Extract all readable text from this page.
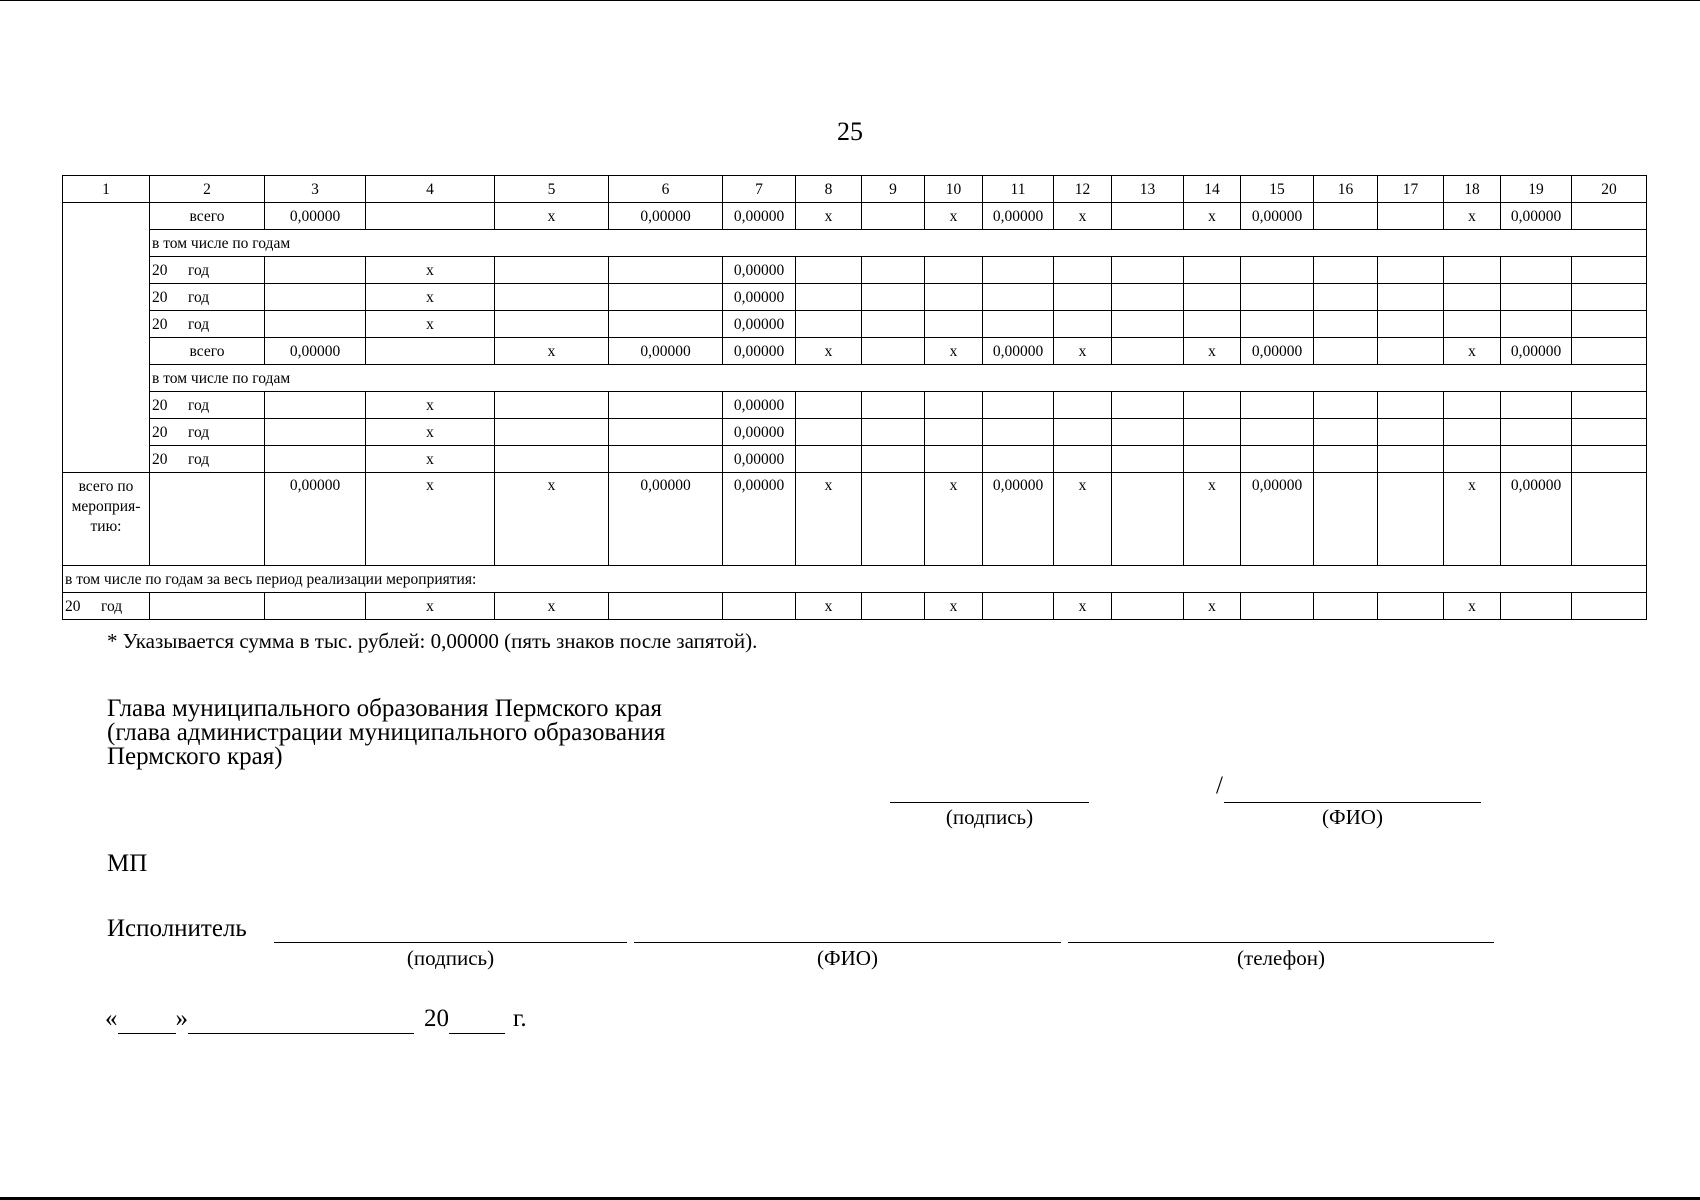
25
1	2	3	4	5	6	7	8	9	10	11	12	13	14	15	16	17	18	19	20
	всего	0,00000		x	0,00000	0,00000	x		x	0,00000	x		x	0,00000			x	0,00000	
	в том числе по годам																		
	20 год		x			0,00000													
	20 год		x			0,00000													
	20 год		x			0,00000													
	всего	0,00000		x	0,00000	0,00000	x		x	0,00000	x		x	0,00000			x	0,00000	
	в том числе по годам																		
	20 год		x			0,00000													
	20 год		x			0,00000													
	20 год		x			0,00000													
всего по мероприя-тию:		0,00000	x	x	0,00000	0,00000	x		x	0,00000	x		x	0,00000			x	0,00000	
в том числе по годам за весь период реализации мероприятия:																			
20 год			x	x			x		x		x		x				x		
* Указывается сумма в тыс. рублей: 0,00000 (пять знаков после запятой).
Глава муниципального образования Пермского края
(глава администрации муниципального образования
Пермского края)
(подпись)
/
(ФИО)
МП
Исполнитель
(подпись)	(ФИО)	(телефон)
« »	20	г.
